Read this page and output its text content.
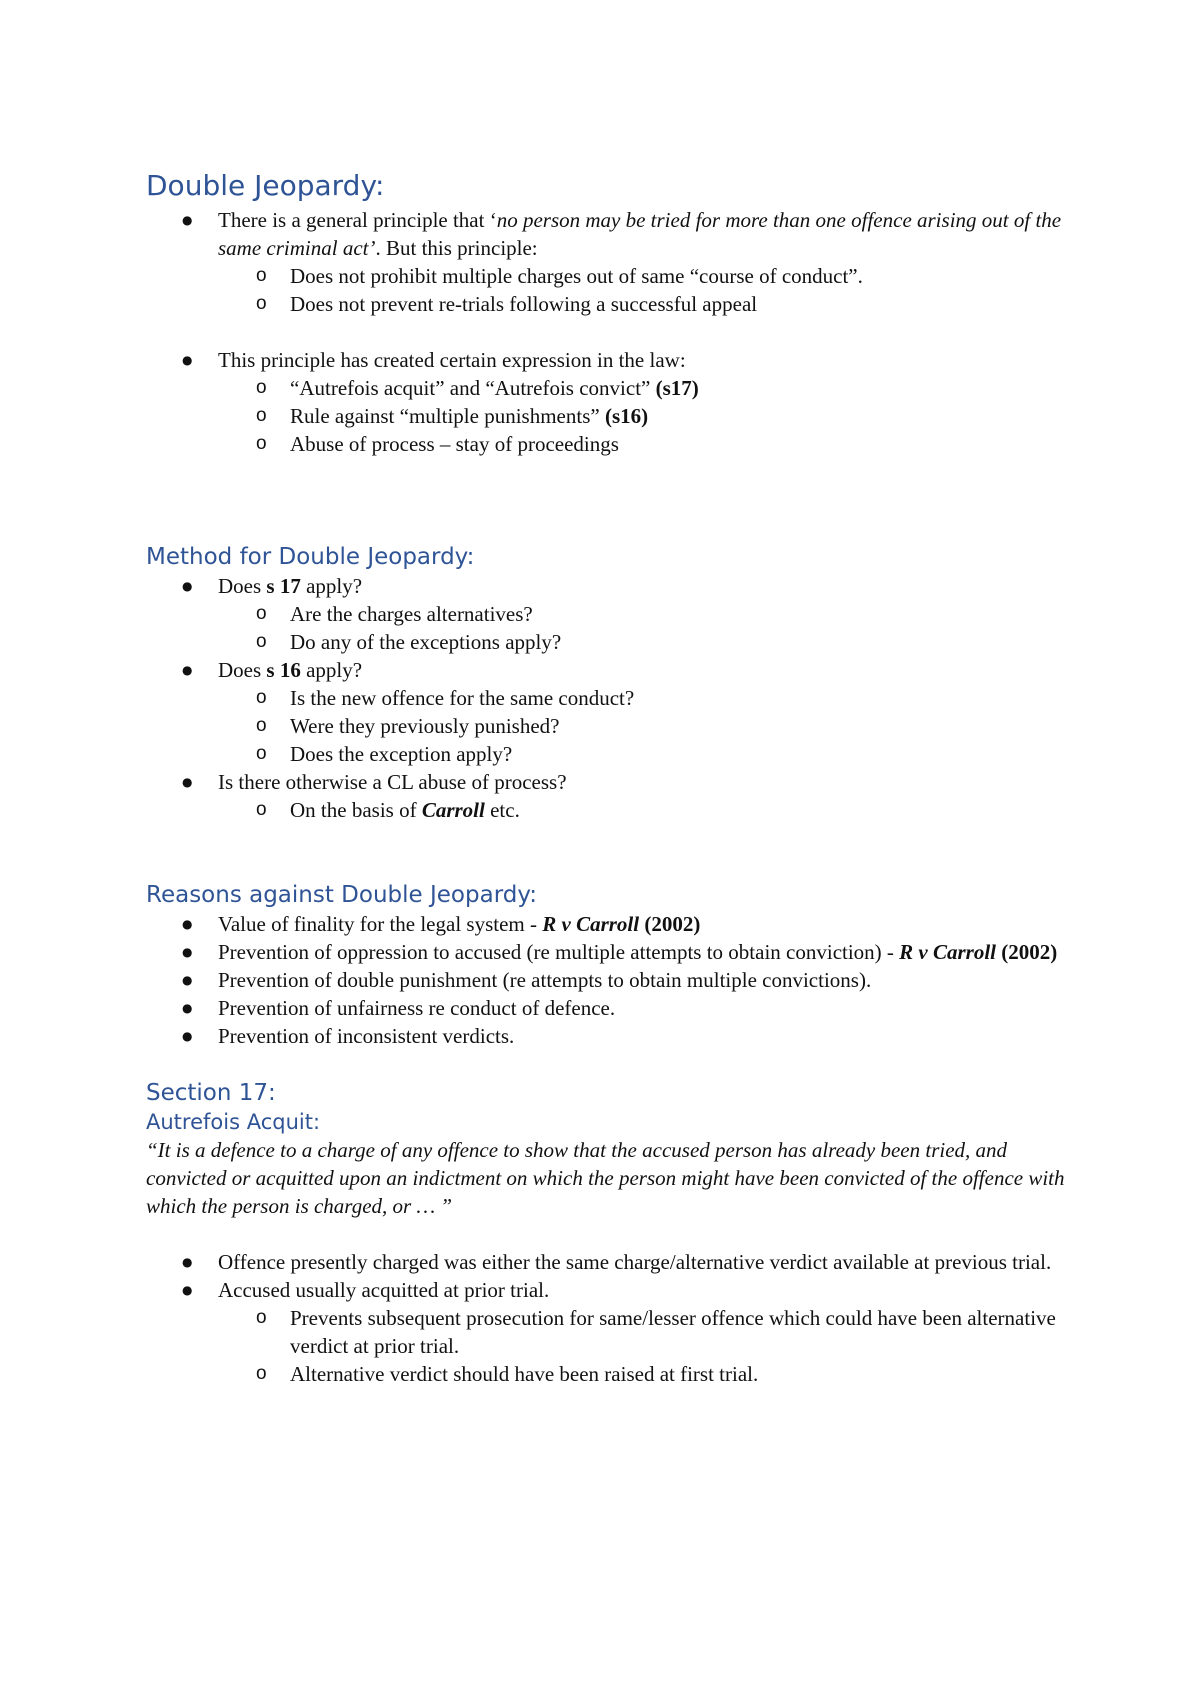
Double Jeopardy:
● There is a general principle that ‘no person may be tried for more than one offence arising out of the same criminal act’. But this principle:
o Does not prohibit multiple charges out of same “course of conduct”.
o Does not prevent re-trials following a successful appeal
● This principle has created certain expression in the law:
o “Autrefois acquit” and “Autrefois convict” (s17)
o Rule against “multiple punishments” (s16)
o Abuse of process – stay of proceedings
Method for Double Jeopardy:
● Does s 17 apply?
o Are the charges alternatives?
o Do any of the exceptions apply?
● Does s 16 apply?
o Is the new offence for the same conduct?
o Were they previously punished?
o Does the exception apply?
● Is there otherwise a CL abuse of process?
o On the basis of Carroll etc.
Reasons against Double Jeopardy:
● Value of finality for the legal system - R v Carroll (2002)
● Prevention of oppression to accused (re multiple attempts to obtain conviction) - R v Carroll (2002)
● Prevention of double punishment (re attempts to obtain multiple convictions).
● Prevention of unfairness re conduct of defence.
● Prevention of inconsistent verdicts.
Section 17:
Autrefois Acquit:

“It is a defence to a charge of any offence to show that the accused person has already been tried, and convicted or acquitted upon an indictment on which the person might have been convicted of the offence with which the person is charged, or … ”

● Offence presently charged was either the same charge/alternative verdict available at previous trial.
● Accused usually acquitted at prior trial.
o Prevents subsequent prosecution for same/lesser offence which could have been alternative verdict at prior trial.
o Alternative verdict should have been raised at first trial.
